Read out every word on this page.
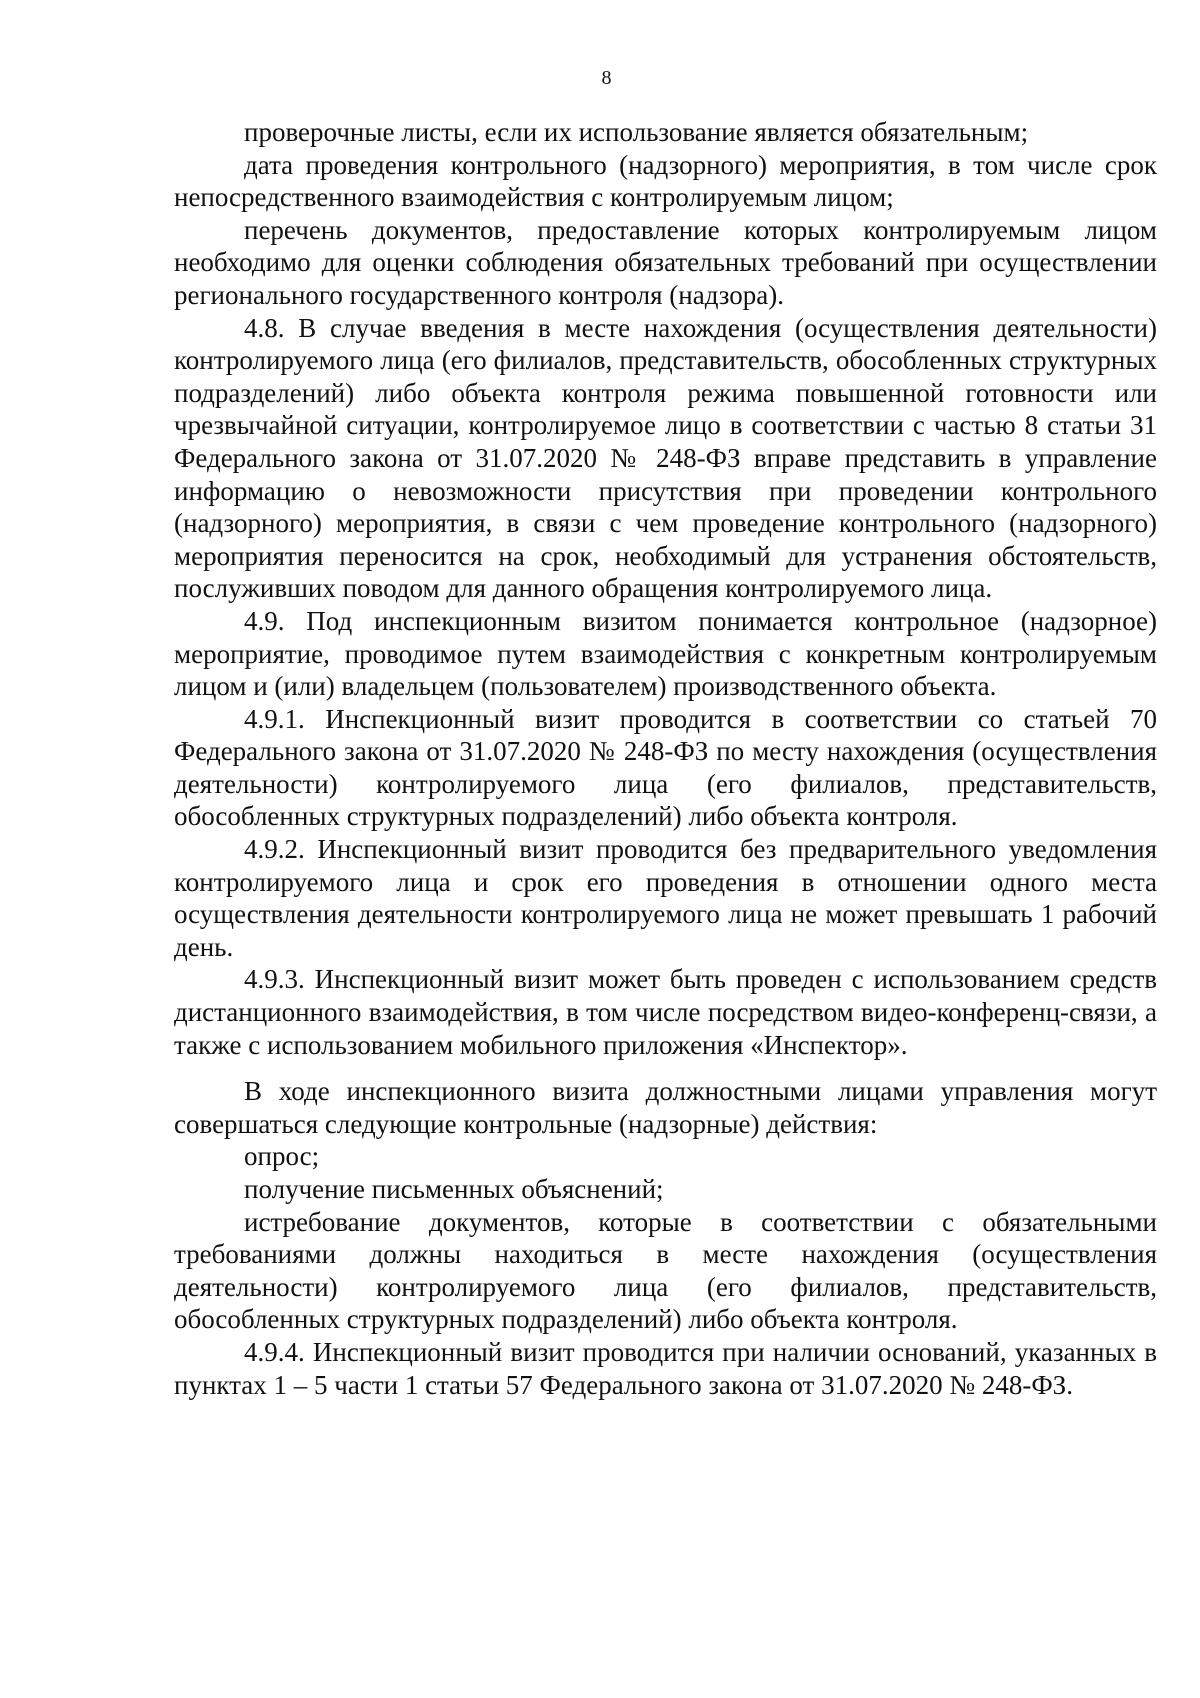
8

проверочные листы, если их использование является обязательным;

дата проведения контрольного (надзорного) мероприятия, в том числе срок непосредственного взаимодействия с контролируемым лицом;

перечень документов, предоставление которых контролируемым лицом необходимо для оценки соблюдения обязательных требований при осуществлении регионального государственного контроля (надзора).

4.8. В случае введения в месте нахождения (осуществления деятельности) контролируемого лица (его филиалов, представительств, обособленных структурных подразделений) либо объекта контроля режима повышенной готовности или чрезвычайной ситуации, контролируемое лицо в соответствии с частью 8 статьи 31 Федерального закона от 31.07.2020 № 248-ФЗ вправе представить в управление информацию о невозможности присутствия при проведении контрольного (надзорного) мероприятия, в связи с чем проведение контрольного (надзорного) мероприятия переносится на срок, необходимый для устранения обстоятельств, послуживших поводом для данного обращения контролируемого лица.

4.9. Под инспекционным визитом понимается контрольное (надзорное) мероприятие, проводимое путем взаимодействия с конкретным контролируемым лицом и (или) владельцем (пользователем) производственного объекта.

4.9.1. Инспекционный визит проводится в соответствии со статьей 70 Федерального закона от 31.07.2020 № 248-ФЗ по месту нахождения (осуществления деятельности) контролируемого лица (его филиалов, представительств, обособленных структурных подразделений) либо объекта контроля.

4.9.2. Инспекционный визит проводится без предварительного уведомления контролируемого лица и срок его проведения в отношении одного места осуществления деятельности контролируемого лица не может превышать 1 рабочий день.

4.9.3. Инспекционный визит может быть проведен с использованием средств дистанционного взаимодействия, в том числе посредством видео-конференц-связи, а также с использованием мобильного приложения «Инспектор».

В ходе инспекционного визита должностными лицами управления могут совершаться следующие контрольные (надзорные) действия:

опрос;

получение письменных объяснений;

истребование документов, которые в соответствии с обязательными требованиями должны находиться в месте нахождения (осуществления деятельности) контролируемого лица (его филиалов, представительств, обособленных структурных подразделений) либо объекта контроля.

4.9.4. Инспекционный визит проводится при наличии оснований, указанных в пунктах 1 – 5 части 1 статьи 57 Федерального закона от 31.07.2020 № 248-ФЗ.
